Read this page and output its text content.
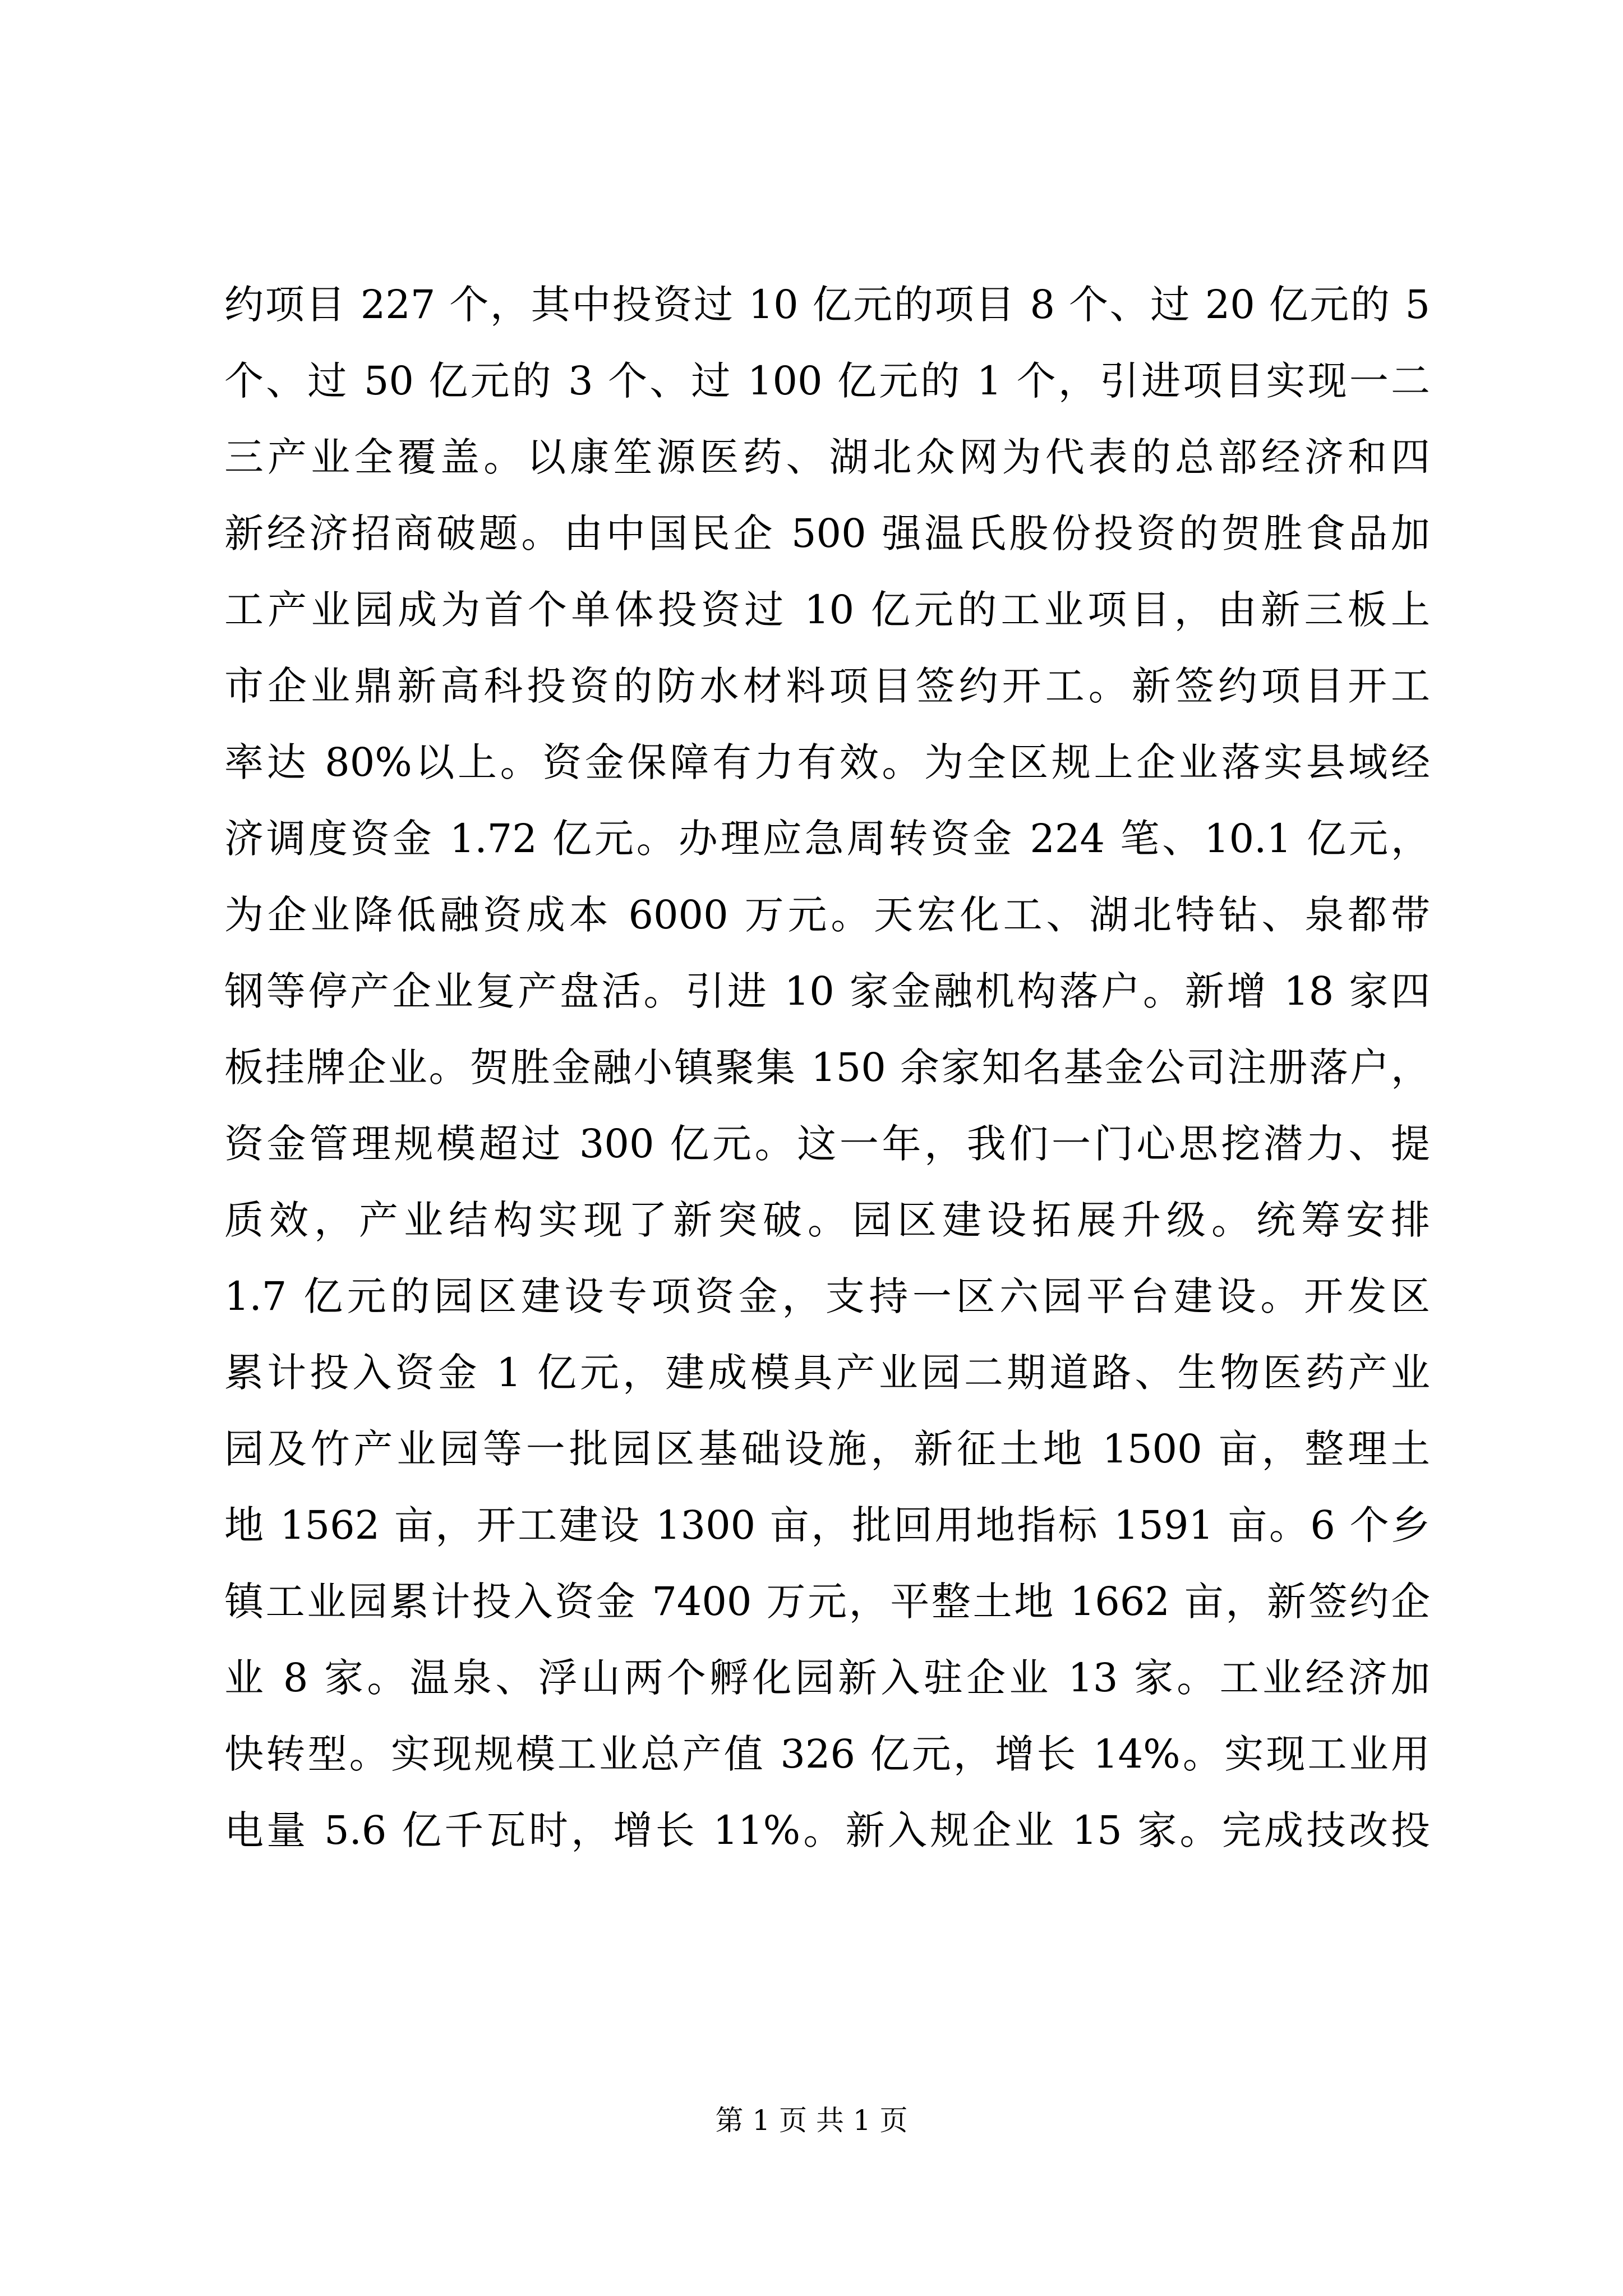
约项目 227 个，其中投资过 10 亿元的项目 8 个、过 20 亿元的 5
个、过 50 亿元的 3 个、过 100 亿元的 1 个，引进项目实现一二
三产业全覆盖。以康笙源医药、湖北众网为代表的总部经济和四
新经济招商破题。由中国民企 500 强温氏股份投资的贺胜食品加
工产业园成为首个单体投资过 10 亿元的工业项目，由新三板上
市企业鼎新高科投资的防水材料项目签约开工。新签约项目开工
率达 80%以上。资金保障有力有效。为全区规上企业落实县域经
济调度资金 1.72 亿元。办理应急周转资金 224 笔、10.1 亿元，
为企业降低融资成本 6000 万元。天宏化工、湖北特钻、泉都带
钢等停产企业复产盘活。引进 10 家金融机构落户。新增 18 家四
板挂牌企业。贺胜金融小镇聚集 150 余家知名基金公司注册落户，
资金管理规模超过 300 亿元。这一年，我们一门心思挖潜力、提
质效，产业结构实现了新突破。园区建设拓展升级。统筹安排
1.7 亿元的园区建设专项资金，支持一区六园平台建设。开发区
累计投入资金 1 亿元，建成模具产业园二期道路、生物医药产业
园及竹产业园等一批园区基础设施，新征土地 1500 亩，整理土
地 1562 亩，开工建设 1300 亩，批回用地指标 1591 亩。6 个乡
镇工业园累计投入资金 7400 万元，平整土地 1662 亩，新签约企
业 8 家。温泉、浮山两个孵化园新入驻企业 13 家。工业经济加
快转型。实现规模工业总产值 326 亿元，增长 14%。实现工业用
电量 5.6 亿千瓦时，增长 11%。新入规企业 15 家。完成技改投
第 1 页 共 1 页
